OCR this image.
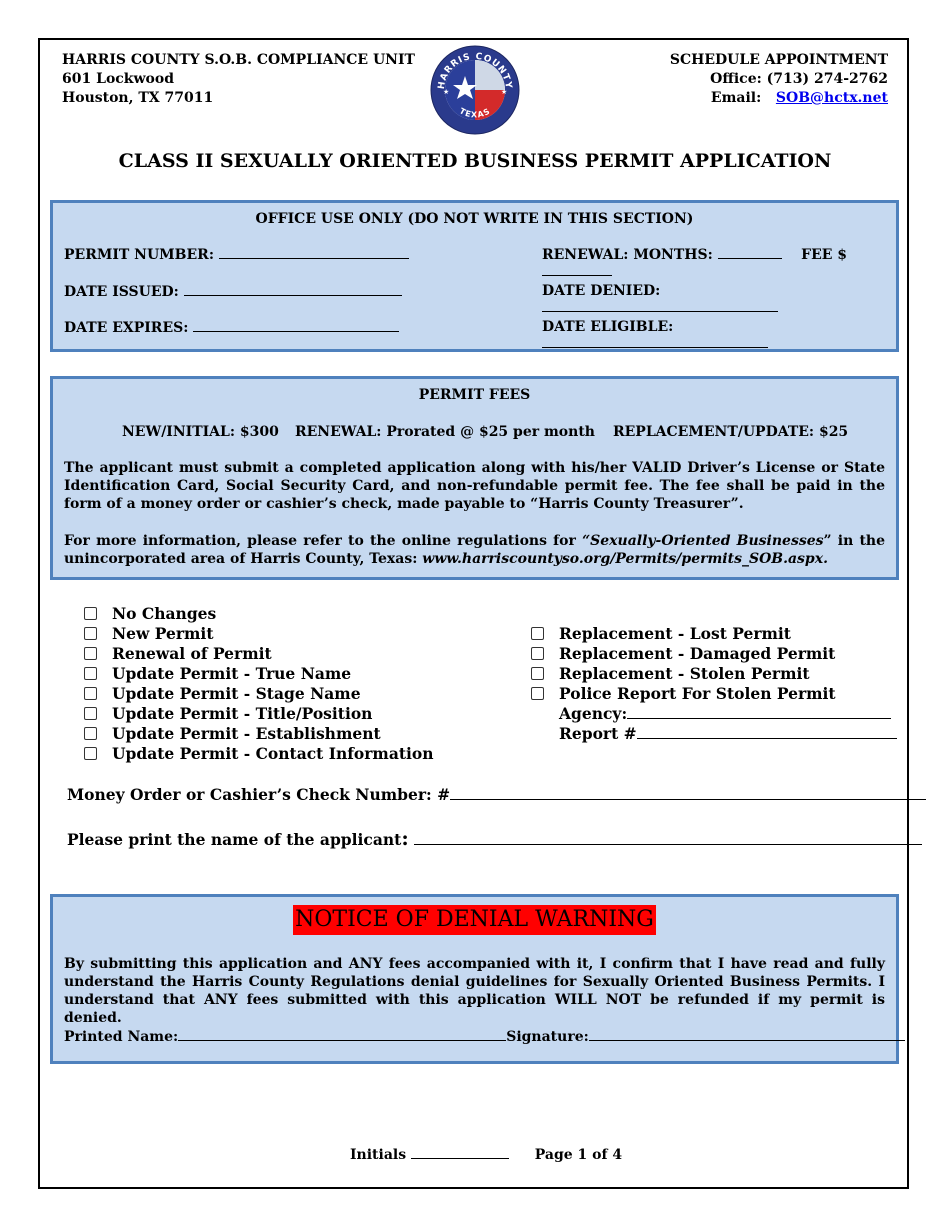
HARRIS COUNTY S.O.B. COMPLIANCE UNIT
601 Lockwood
Houston, TX 77011
HARRIS COUNTY
TEXAS
★	★
SCHEDULE APPOINTMENT
Office: (713) 274-2762
Email: SOB@hctx.net
CLASS II SEXUALLY ORIENTED BUSINESS PERMIT APPLICATION
OFFICE USE ONLY (DO NOT WRITE IN THIS SECTION)
PERMIT NUMBER:	RENEWAL: MONTHS:	FEE $
DATE ISSUED:	DATE DENIED:
DATE EXPIRES:	DATE ELIGIBLE:
PERMIT FEES
NEW/INITIAL: $300 RENEWAL: Prorated @ $25 per month REPLACEMENT/UPDATE: $25
The applicant must submit a completed application along with his/her VALID Driver’s License or State Identification Card, Social Security Card, and non-refundable permit fee. The fee shall be paid in the form of a money order or cashier’s check, made payable to “Harris County Treasurer”.
For more information, please refer to the online regulations for “Sexually-Oriented Businesses” in the unincorporated area of Harris County, Texas: www.harriscountyso.org/Permits/permits_SOB.aspx.
No Changes
New Permit
Renewal of Permit
Update Permit - True Name
Update Permit - Stage Name
Update Permit - Title/Position
Update Permit - Establishment
Update Permit - Contact Information
Replacement - Lost Permit
Replacement - Damaged Permit
Replacement - Stolen Permit
Police Report For Stolen Permit
Agency:
Report #
Money Order or Cashier’s Check Number: #
Please print the name of the applicant:
NOTICE OF DENIAL WARNING
By submitting this application and ANY fees accompanied with it, I confirm that I have read and fully understand the Harris County Regulations denial guidelines for Sexually Oriented Business Permits. I understand that ANY fees submitted with this application WILL NOT be refunded if my permit is denied.
Printed Name:	Signature:
Initials	Page 1 of 4
